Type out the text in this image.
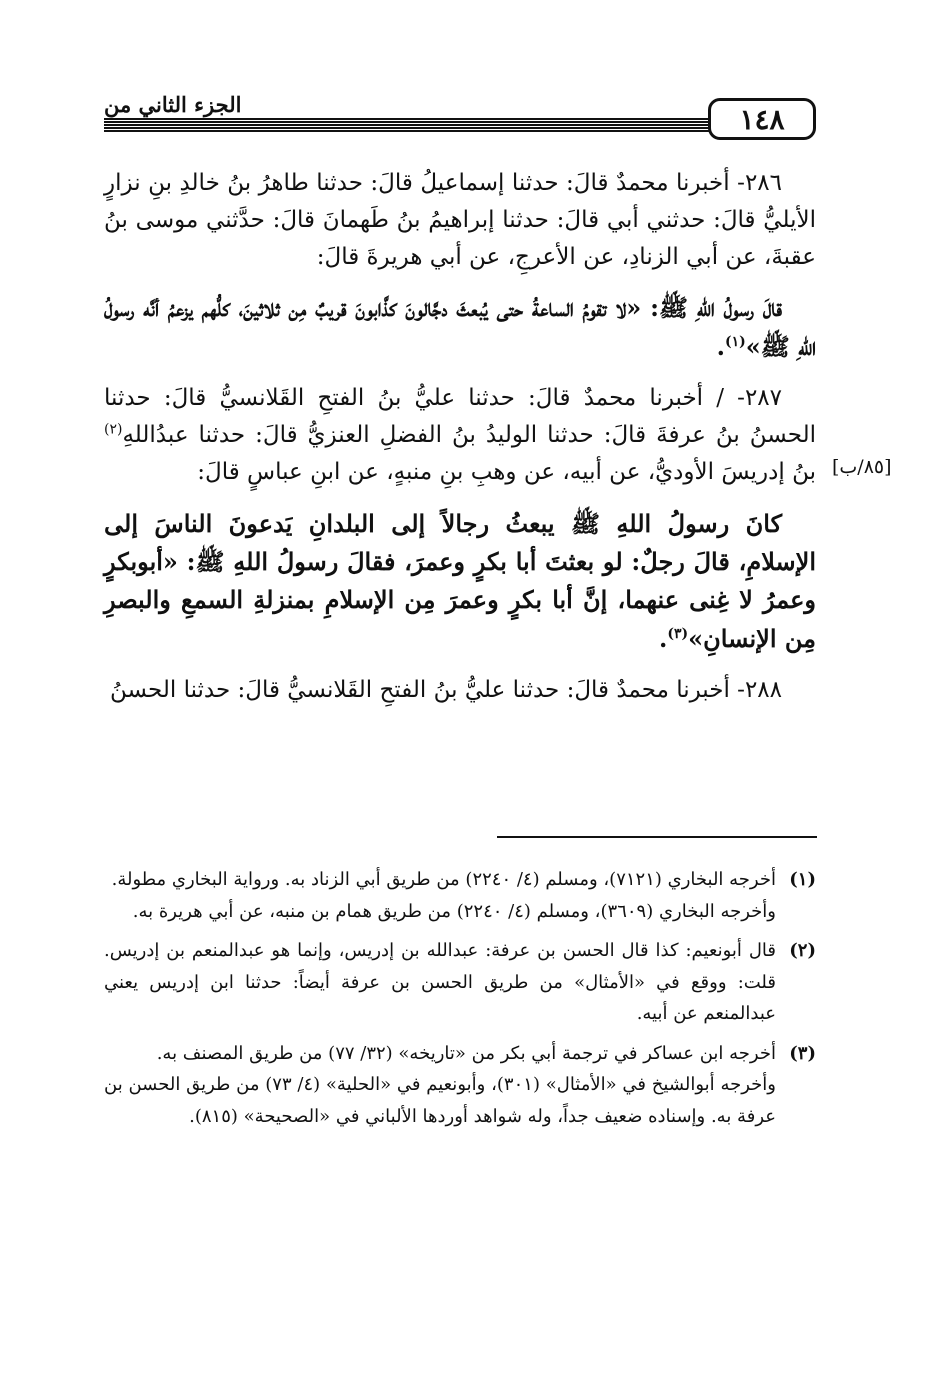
١٤٨
الجزء الثاني من
[٨٥/ب]

٢٨٦- أخبرنا محمدٌ قالَ: حدثنا إسماعيلُ قالَ: حدثنا طاهرُ بنُ خالدِ بنِ نزارٍ الأيليُّ قالَ: حدثني أبي قالَ: حدثنا إبراهيمُ بنُ طَهمانَ قالَ: حدَّثني موسى بنُ عقبةَ، عن أبي الزنادِ، عن الأعرجِ، عن أبي هريرةَ قالَ:

قالَ رسولُ اللهِ ﷺ: «لا تقومُ الساعةُ حتى يُبعثَ دجَّالونَ كذَّابونَ قريبٌ مِن ثلاثينَ، كلُّهم يزعمُ أنَّه رسولُ اللهِ ﷺ»$^{(١)}$.

٢٨٧- / أخبرنا محمدٌ قالَ: حدثنا عليُّ بنُ الفتحِ القَلانسيُّ قالَ: حدثنا الحسنُ بنُ عرفةَ قالَ: حدثنا الوليدُ بنُ الفضلِ العنزيُّ قالَ: حدثنا عبدُاللهِ$^{(٢)}$ بنُ إدريسَ الأوديُّ، عن أبيه، عن وهبِ بنِ منبهٍ، عن ابنِ عباسٍ قالَ:

كانَ رسولُ اللهِ ﷺ يبعثُ رجالاً إلى البلدانِ يَدعونَ الناسَ إلى الإسلامِ، قالَ رجلٌ: لو بعثتَ أبا بكرٍ وعمرَ، فقالَ رسولُ اللهِ ﷺ: «أبوبكرٍ وعمرُ لا غِنى عنهما، إنَّ أبا بكرٍ وعمرَ مِن الإسلامِ بمنزلةِ السمعِ والبصرِ مِن الإنسانِ»$^{(٣)}$.

٢٨٨- أخبرنا محمدٌ قالَ: حدثنا عليُّ بنُ الفتحِ القَلانسيُّ قالَ: حدثنا الحسنُ

(١)

أخرجه البخاري (٧١٢١)، ومسلم (٤/ ٢٢٤٠) من طريق أبي الزناد به. ورواية البخاري مطولة.

وأخرجه البخاري (٣٦٠٩)، ومسلم (٤/ ٢٢٤٠) من طريق همام بن منبه، عن أبي هريرة به.

(٢)

قال أبونعيم: كذا قال الحسن بن عرفة: عبدالله بن إدريس، وإنما هو عبدالمنعم بن إدريس. قلت: ووقع في «الأمثال» من طريق الحسن بن عرفة أيضاً: حدثنا ابن إدريس يعني عبدالمنعم عن أبيه.

(٣)

أخرجه ابن عساكر في ترجمة أبي بكر من «تاريخه» (٣٢/ ٧٧) من طريق المصنف به.

وأخرجه أبوالشيخ في «الأمثال» (٣٠١)، وأبونعيم في «الحلية» (٤/ ٧٣) من طريق الحسن بن عرفة به. وإسناده ضعيف جداً، وله شواهد أوردها الألباني في «الصحيحة» (٨١٥).
